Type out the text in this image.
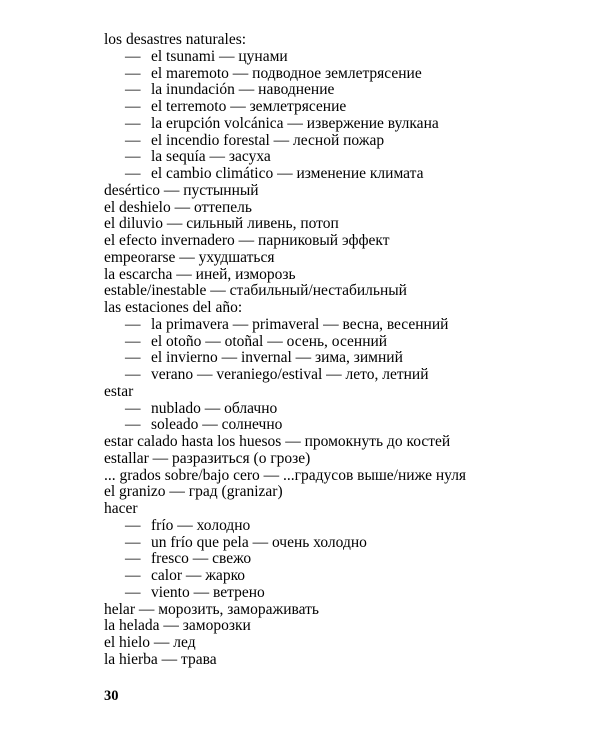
los desastres naturales:
— el tsunami — цунами
— el maremoto — подводное землетрясение
— la inundación — наводнение
— el terremoto — землетрясение
— la erupción volcánica — извержение вулкана
— el incendio forestal — лесной пожар
— la sequía — засуха
— el cambio climático — изменение климата
desértico — пустынный
el deshielo — оттепель
el diluvio — сильный ливень, потоп
el efecto invernadero — парниковый эффект
empeorarse — ухудшаться
la escarcha — иней, изморозь
estable/inestable — стабильный/нестабильный
las estaciones del año:
— la primavera — primaveral — весна, весенний
— el otoño — otoñal — осень, осенний
— el invierno — invernal — зима, зимний
— verano — veraniego/estival — лето, летний
estar
— nublado — облачно
— soleado — солнечно
estar calado hasta los huesos — промокнуть до костей
estallar — разразиться (о грозе)
... grados sobre/bajo cero — ...градусов выше/ниже нуля
el granizo — град (granizar)
hacer
— frío — холодно
— un frío que pela — очень холодно
— fresco — свежо
— calor — жарко
— viento — ветрено
helar — морозить, замораживать
la helada — заморозки
el hielo — лед
la hierba — трава
30
